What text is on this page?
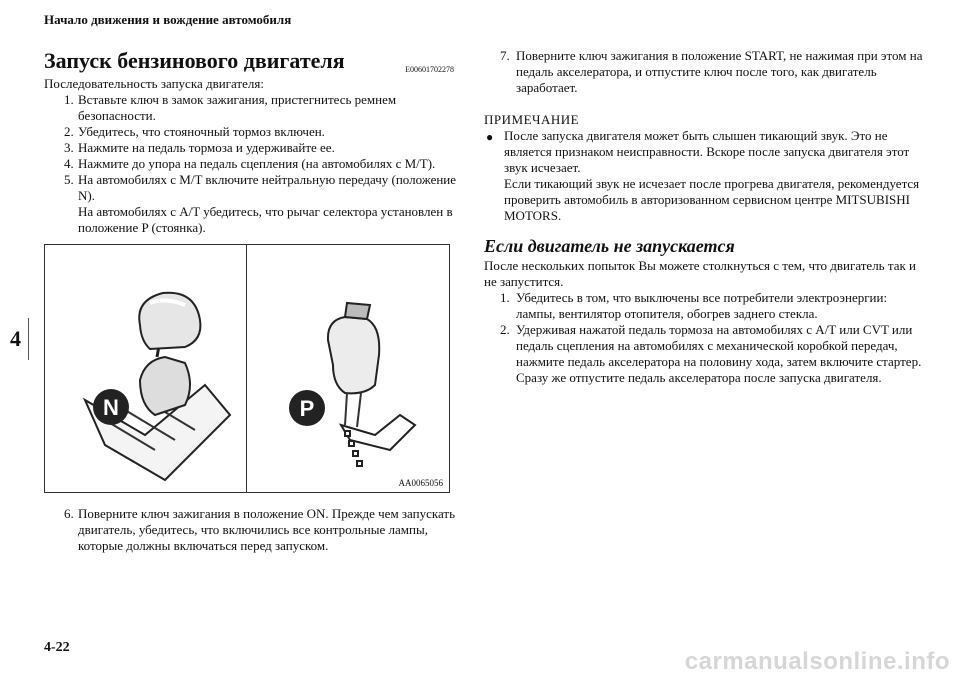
Начало движения и вождение автомобиля
4
Запуск бензинового двигателя	E00601702278

Последовательность запуска двигателя:

1. Вставьте ключ в замок зажигания, пристегнитесь ремнем безопасности.
2. Убедитесь, что стояночный тормоз включен.
3. Нажмите на педаль тормоза и удерживайте ее.
4. Нажмите до упора на педаль сцепления (на автомобилях с M/T).
5. На автомобилях с M/T включите нейтральную передачу (положение N).
На автомобилях с A/T убедитесь, что рычаг селектора установлен в положение P (стоянка).
N	P
AA0065056
6. Поверните ключ зажигания в положение ON. Прежде чем запускать двигатель, убедитесь, что включились все контрольные лампы, которые должны включаться перед запуском.
7. Поверните ключ зажигания в положение START, не нажимая при этом на педаль акселератора, и отпустите ключ после того, как двигатель заработает.
ПРИМЕЧАНИЕ
● После запуска двигателя может быть слышен тикающий звук. Это не является признаком неисправности. Вскоре после запуска двигателя этот звук исчезает.

Если тикающий звук не исчезает после прогрева двигателя, рекомендуется проверить автомобиль в авторизованном сервисном центре MITSUBISHI MOTORS.

Если двигатель не запускается

После нескольких попыток Вы можете столкнуться с тем, что двигатель так и не запустится.

1. Убедитесь в том, что выключены все потребители электроэнергии: лампы, вентилятор отопителя, обогрев заднего стекла.
2. Удерживая нажатой педаль тормоза на автомобилях с A/T или CVT или педаль сцепления на автомобилях с механической коробкой передач, нажмите педаль акселератора на половину хода, затем включите стартер. Сразу же отпустите педаль акселератора после запуска двигателя.
4-22
carmanualsonline.info
